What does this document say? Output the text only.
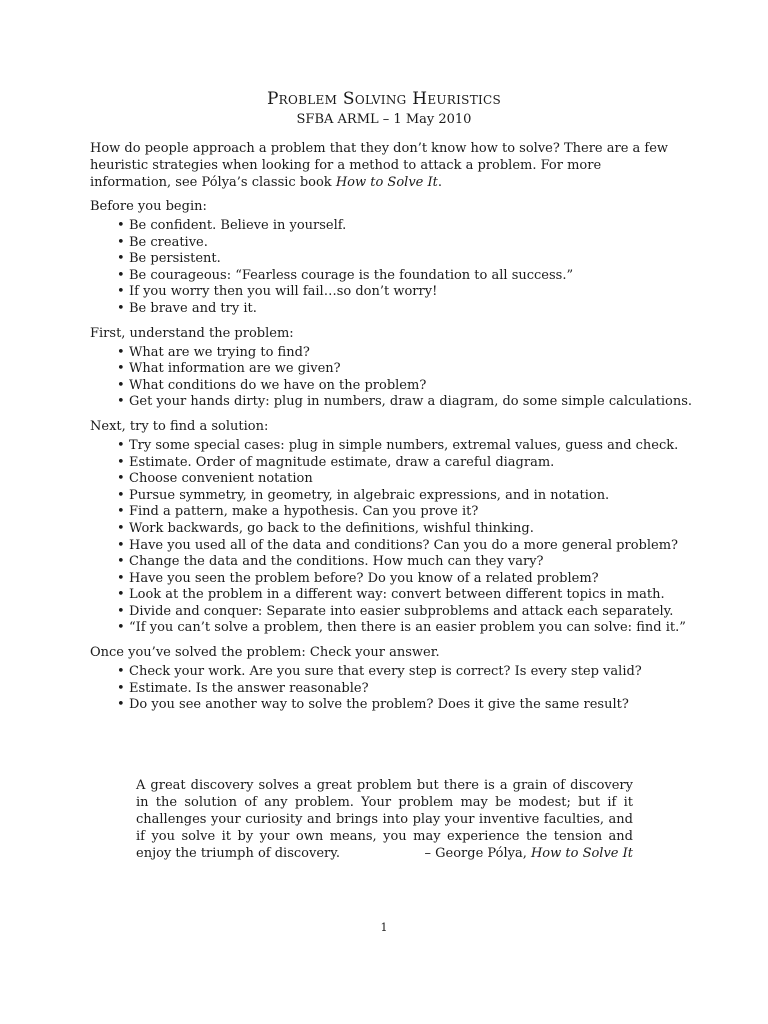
Problem Solving Heuristics
SFBA ARML – 1 May 2010

How do people approach a problem that they don’t know how to solve? There are a few heuristic strategies when looking for a method to attack a problem. For more information, see Pólya’s classic book How to Solve It.

Before you begin:

• Be confident. Believe in yourself.
• Be creative.
• Be persistent.
• Be courageous: “Fearless courage is the foundation to all success.”
• If you worry then you will fail…so don’t worry!
• Be brave and try it.

First, understand the problem:

• What are we trying to find?
• What information are we given?
• What conditions do we have on the problem?
• Get your hands dirty: plug in numbers, draw a diagram, do some simple calculations.

Next, try to find a solution:

• Try some special cases: plug in simple numbers, extremal values, guess and check.
• Estimate. Order of magnitude estimate, draw a careful diagram.
• Choose convenient notation
• Pursue symmetry, in geometry, in algebraic expressions, and in notation.
• Find a pattern, make a hypothesis. Can you prove it?
• Work backwards, go back to the definitions, wishful thinking.
• Have you used all of the data and conditions? Can you do a more general problem?
• Change the data and the conditions. How much can they vary?
• Have you seen the problem before? Do you know of a related problem?
• Look at the problem in a different way: convert between different topics in math.
• Divide and conquer: Separate into easier subproblems and attack each separately.
• “If you can’t solve a problem, then there is an easier problem you can solve: find it.”

Once you’ve solved the problem: Check your answer.

• Check your work. Are you sure that every step is correct? Is every step valid?
• Estimate. Is the answer reasonable?
• Do you see another way to solve the problem? Does it give the same result?
A great discovery solves a great problem but there is a grain of discovery in the solution of any problem. Your problem may be modest; but if it challenges your curiosity and brings into play your inventive faculties, and if you solve it by your own means, you may experience the tension and enjoy the triumph of discovery.	– George Pólya, How to Solve It
1
